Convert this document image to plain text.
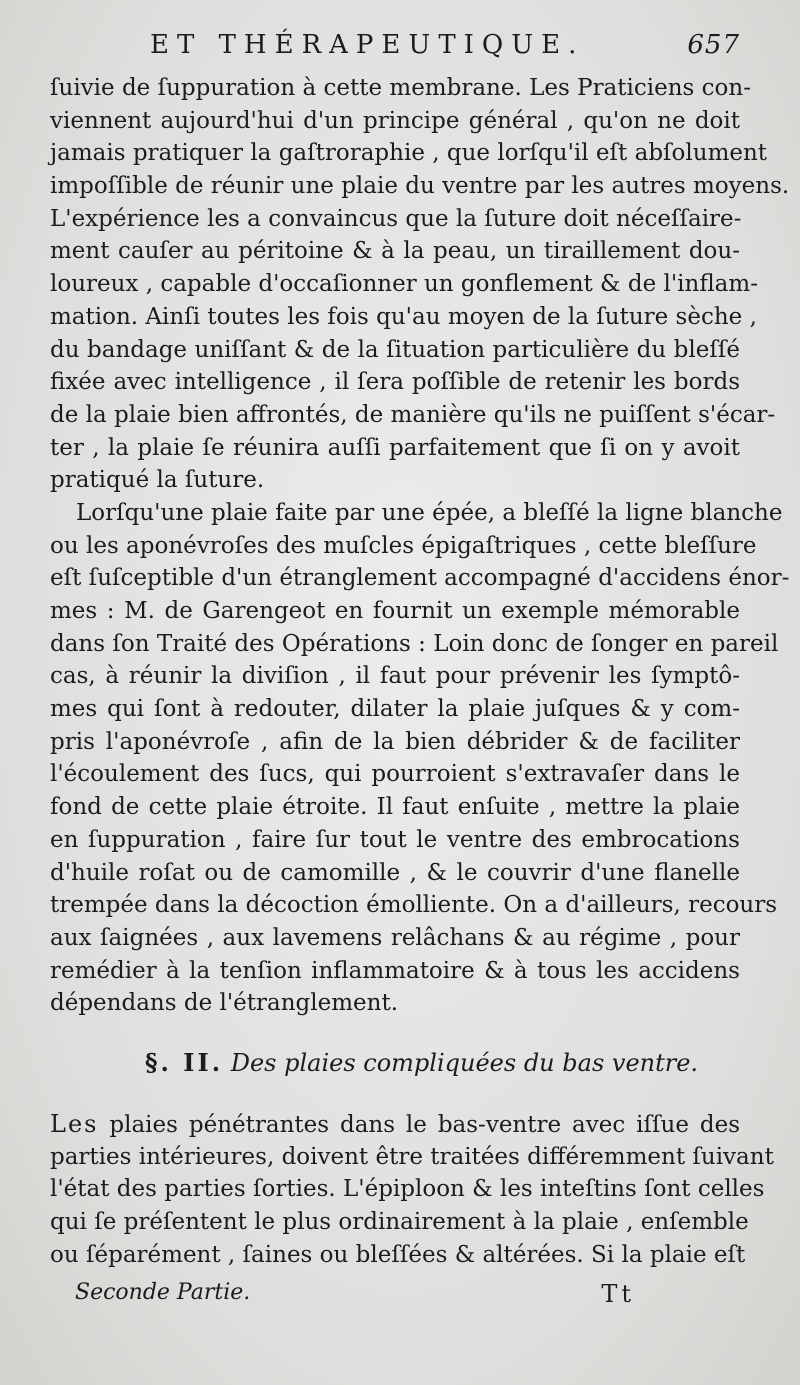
ET THÉRAPEUTIQUE.	657
ſuivie de ſuppuration à cette membrane. Les Praticiens con-
viennent aujourd'hui d'un principe général , qu'on ne doit
jamais pratiquer la gaſtroraphie , que lorſqu'il eſt abſolument
impoſſible de réunir une plaie du ventre par les autres moyens.
L'expérience les a convaincus que la ſuture doit néceſſaire-
ment cauſer au péritoine & à la peau, un tiraillement dou-
loureux , capable d'occaſionner un gonflement & de l'inflam-
mation. Ainſi toutes les fois qu'au moyen de la ſuture sèche ,
du bandage uniſſant & de la ſituation particulière du bleſſé
fixée avec intelligence , il ſera poſſible de retenir les bords
de la plaie bien affrontés, de manière qu'ils ne puiſſent s'écar-
ter , la plaie ſe réunira auſſi parfaitement que ſi on y avoit
pratiqué la ſuture.
Lorſqu'une plaie faite par une épée, a bleſſé la ligne blanche
ou les aponévroſes des muſcles épigaſtriques , cette bleſſure
eſt ſuſceptible d'un étranglement accompagné d'accidens énor-
mes : M. de Garengeot en fournit un exemple mémorable
dans ſon Traité des Opérations : Loin donc de ſonger en pareil
cas, à réunir la diviſion , il faut pour prévenir les ſymptô-
mes qui ſont à redouter, dilater la plaie juſques & y com-
pris l'aponévroſe , afin de la bien débrider & de faciliter
l'écoulement des ſucs, qui pourroient s'extravaſer dans le
fond de cette plaie étroite. Il faut enſuite , mettre la plaie
en ſuppuration , faire ſur tout le ventre des embrocations
d'huile roſat ou de camomille , & le couvrir d'une flanelle
trempée dans la décoction émolliente. On a d'ailleurs, recours
aux ſaignées , aux lavemens relâchans & au régime , pour
remédier à la tenſion inflammatoire & à tous les accidens
dépendans de l'étranglement.
§. II. Des plaies compliquées du bas ventre.
Les plaies pénétrantes dans le bas-ventre avec iſſue des
parties intérieures, doivent être traitées différemment ſuivant
l'état des parties ſorties. L'épiploon & les inteſtins ſont celles
qui ſe préſentent le plus ordinairement à la plaie , enſemble
ou ſéparément , ſaines ou bleſſées & altérées. Si la plaie eſt
Seconde Partie.	Tt
